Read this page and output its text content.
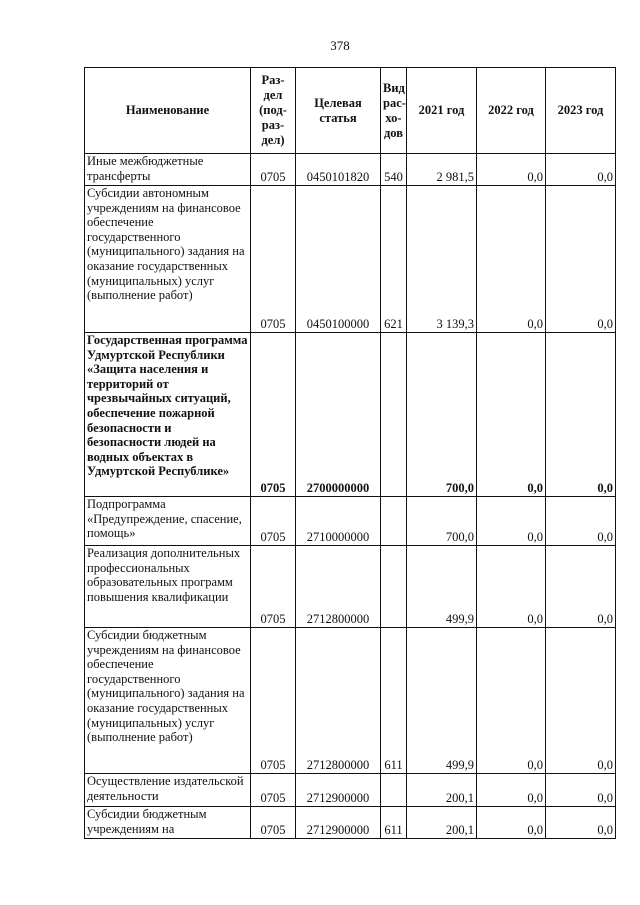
378
Наименование	Раз- дел (под- раз- дел)	Целевая статья	Вид рас- хо- дов	2021 год	2022 год	2023 год
Иные межбюджетные трансферты	0705	0450101820	540	2 981,5	0,0	0,0
Субсидии автономным учреждениям на финансовое обеспечение государственного (муниципального) задания на оказание государственных (муниципальных) услуг (выполнение работ)	0705	0450100000	621	3 139,3	0,0	0,0
Государственная программа Удмуртской Республики «Защита населения и территорий от чрезвычайных ситуаций, обеспечение пожарной безопасности и безопасности людей на водных объектах в Удмуртской Республике»	0705	2700000000		700,0	0,0	0,0
Подпрограмма «Предупреждение, спасение, помощь»	0705	2710000000		700,0	0,0	0,0
Реализация дополнительных профессиональных образовательных программ повышения квалификации	0705	2712800000		499,9	0,0	0,0
Субсидии бюджетным учреждениям на финансовое обеспечение государственного (муниципального) задания на оказание государственных (муниципальных) услуг (выполнение работ)	0705	2712800000	611	499,9	0,0	0,0
Осуществление издательской деятельности	0705	2712900000		200,1	0,0	0,0
Субсидии бюджетным учреждениям на	0705	2712900000	611	200,1	0,0	0,0
